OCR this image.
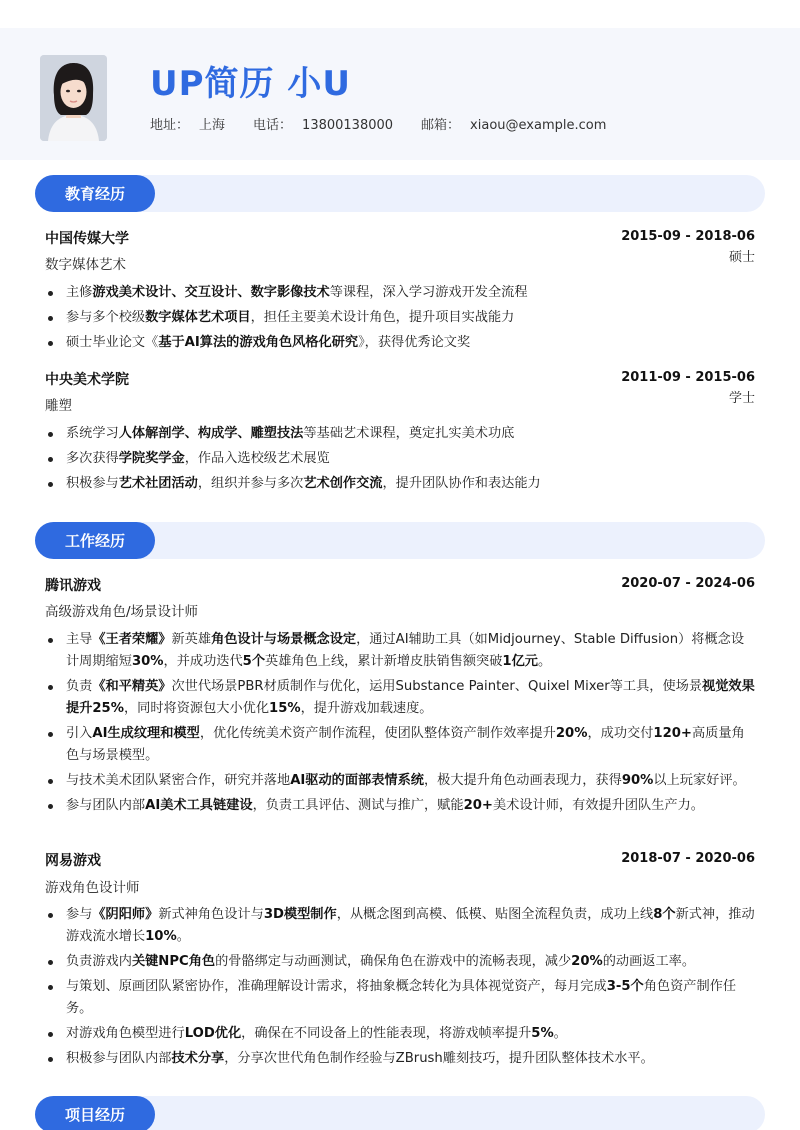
UP简历 小U
地址： 上海 电话： 13800138000 邮箱： xiaou@example.com
教育经历
中国传媒大学	2015-09 - 2018-06
数字媒体艺术	硕士
主修游戏美术设计、交互设计、数字影像技术等课程，深入学习游戏开发全流程
参与多个校级数字媒体艺术项目，担任主要美术设计角色，提升项目实战能力
硕士毕业论文《基于AI算法的游戏角色风格化研究》，获得优秀论文奖
中央美术学院	2011-09 - 2015-06
雕塑	学士
系统学习人体解剖学、构成学、雕塑技法等基础艺术课程，奠定扎实美术功底
多次获得学院奖学金，作品入选校级艺术展览
积极参与艺术社团活动，组织并参与多次艺术创作交流，提升团队协作和表达能力
工作经历
腾讯游戏	2020-07 - 2024-06
高级游戏角色/场景设计师
主导《王者荣耀》新英雄角色设计与场景概念设定，通过AI辅助工具（如Midjourney、Stable Diffusion）将概念设计周期缩短30%，并成功迭代5个英雄角色上线，累计新增皮肤销售额突破1亿元。
负责《和平精英》次世代场景PBR材质制作与优化，运用Substance Painter、Quixel Mixer等工具，使场景视觉效果提升25%，同时将资源包大小优化15%，提升游戏加载速度。
引入AI生成纹理和模型，优化传统美术资产制作流程，使团队整体资产制作效率提升20%，成功交付120+高质量角色与场景模型。
与技术美术团队紧密合作，研究并落地AI驱动的面部表情系统，极大提升角色动画表现力，获得90%以上玩家好评。
参与团队内部AI美术工具链建设，负责工具评估、测试与推广，赋能20+美术设计师，有效提升团队生产力。
网易游戏	2018-07 - 2020-06
游戏角色设计师
参与《阴阳师》新式神角色设计与3D模型制作，从概念图到高模、低模、贴图全流程负责，成功上线8个新式神，推动游戏流水增长10%。
负责游戏内关键NPC角色的骨骼绑定与动画测试，确保角色在游戏中的流畅表现，减少20%的动画返工率。
与策划、原画团队紧密协作，准确理解设计需求，将抽象概念转化为具体视觉资产，每月完成3-5个角色资产制作任务。
对游戏角色模型进行LOD优化，确保在不同设备上的性能表现，将游戏帧率提升5%。
积极参与团队内部技术分享，分享次世代角色制作经验与ZBrush雕刻技巧，提升团队整体技术水平。
项目经历
